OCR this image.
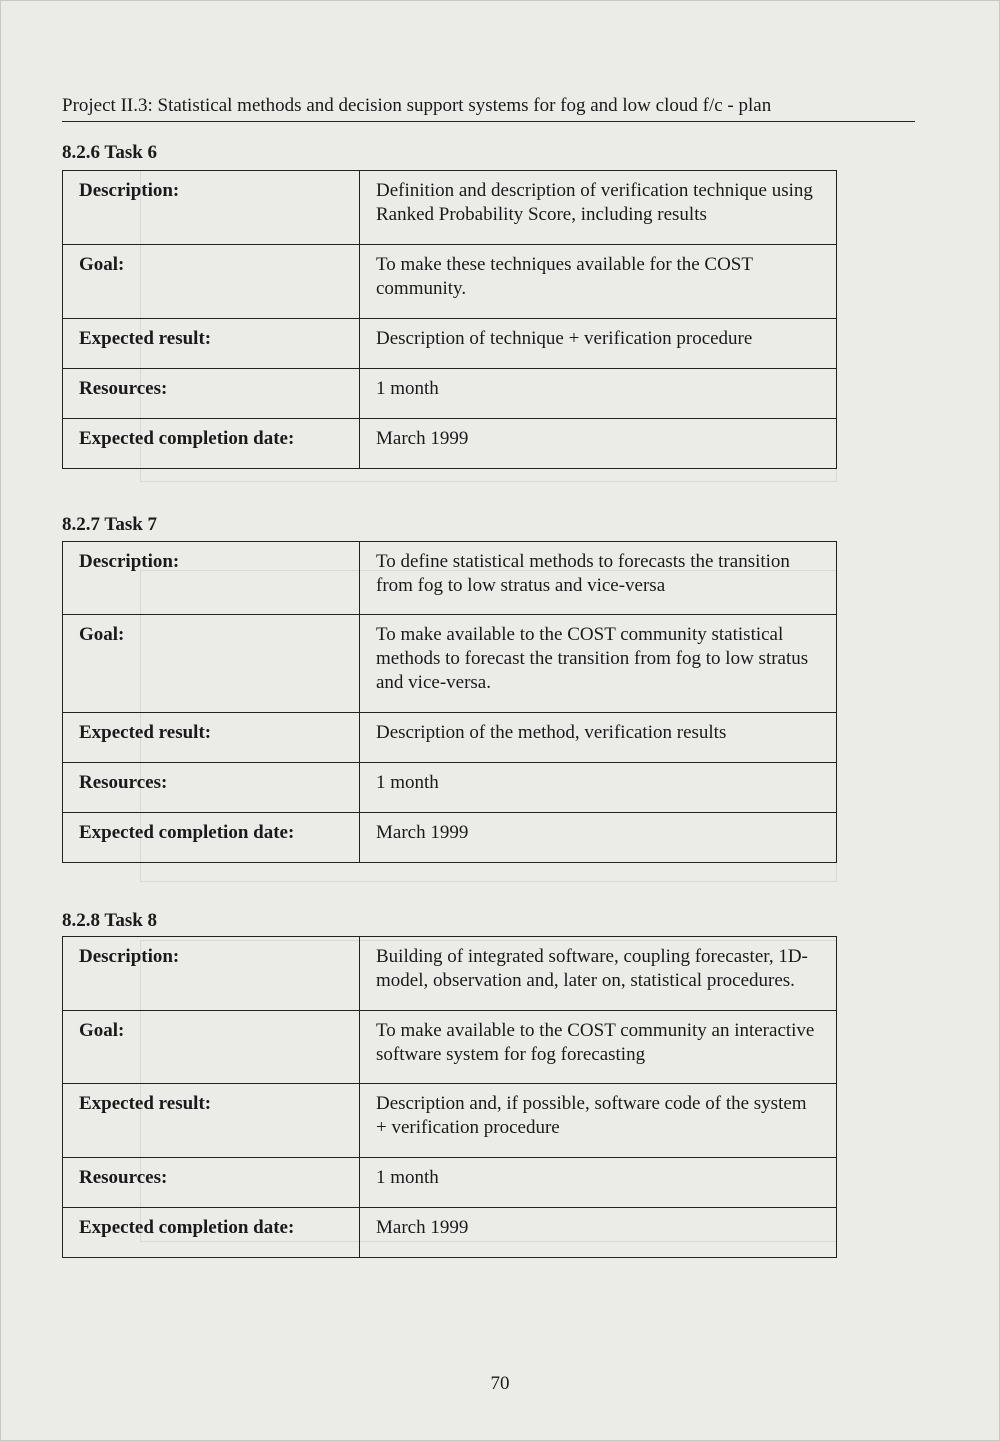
Project II.3: Statistical methods and decision support systems for fog and low cloud f/c - plan
8.2.6 Task 6
Description:	Definition and description of verification technique using Ranked Probability Score, including results
Goal:	To make these techniques available for the COST community.
Expected result:	Description of technique + verification procedure
Resources:	1 month
Expected completion date:	March 1999
8.2.7 Task 7
Description:	To define statistical methods to forecasts the transition from fog to low stratus and vice-versa
Goal:	To make available to the COST community statistical methods to forecast the transition from fog to low stratus and vice-versa.
Expected result:	Description of the method, verification results
Resources:	1 month
Expected completion date:	March 1999
8.2.8 Task 8
Description:	Building of integrated software, coupling forecaster, 1D-model, observation and, later on, statistical procedures.
Goal:	To make available to the COST community an interactive software system for fog forecasting
Expected result:	Description and, if possible, software code of the system + verification procedure
Resources:	1 month
Expected completion date:	March 1999
70
